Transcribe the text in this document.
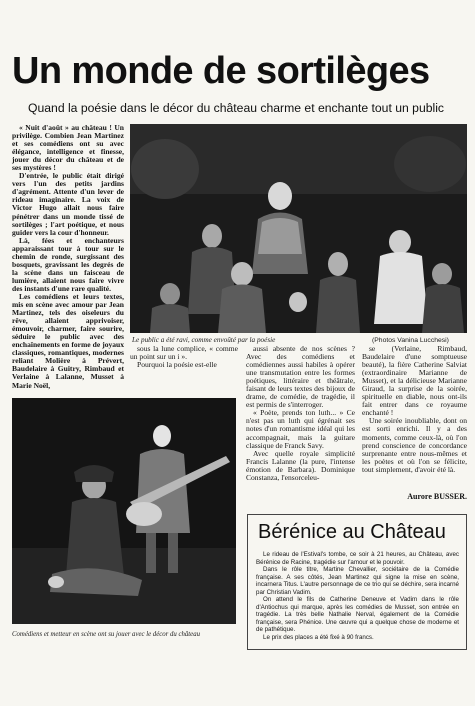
Un monde de sortilèges
Quand la poésie dans le décor du château charme et enchante tout un public

« Nuit d'août » au château ! Un privilège. Combien Jean Martinez et ses comédiens ont su avec élégance, intelligence et finesse, jouer du décor du château et de ses mystères !

D'entrée, le public était dirigé vers l'un des petits jardins d'agrément. Attente d'un lever de rideau imaginaire. La voix de Victor Hugo allait nous faire pénétrer dans un monde tissé de sortilèges ; l'art poétique, et nous guider vers la cour d'honneur.

Là, fées et enchanteurs apparaissant tour à tour sur le chemin de ronde, surgissant des bosquets, gravissant les degrés de la scène dans un faisceau de lumière, allaient nous faire vivre des instants d'une rare qualité.

Les comédiens et leurs textes, mis en scène avec amour par Jean Martinez, tels des oiseleurs du rêve, allaient apprivoiser, émouvoir, charmer, faire sourire, séduire le public avec des enchaînements en forme de joyaux classiques, romantiques, modernes reliant Molière à Prévert, Baudelaire à Guitry, Rimbaud et Verlaine à Lalanne, Musset à Marie Noël,

Le public a été ravi, comme envoûté par la poésie	(Photos Vanina Lucchesi)
Comédiens et metteur en scène ont su jouer avec le décor du château

sous la lune complice, « comme un point sur un i ».

Pourquoi la poésie est-elle

aussi absente de nos scènes ? Avec des comédiens et comédiennes aussi habiles à opérer une transmutation entre les formes poétiques, littéraire et théâtrale, faisant de leurs textes des bijoux de drame, de comédie, de tragédie, il est permis de s'interroger.

« Poète, prends ton luth... » Ce n'est pas un luth qui égrénait ses notes d'un romantisme idéal qui les accompagnait, mais la guitare classique de Franck Savy.

Avec quelle royale simplicité Francis Lalanne (la pure, l'intense émotion de Barbara). Dominique Constanza, l'ensorceleu-

se (Verlaine, Rimbaud, Baudelaire d'une somptueuse beauté), la fière Catherine Salviat (extraordinaire Marianne de Musset), et la délicieuse Marianne Giraud, la surprise de la soirée, spirituelle en diable, nous ont-ils fait entrer dans ce royaume enchanté !

Une soirée inoubliable, dont on est sorti enrichi. Il y a des moments, comme ceux-là, où l'on prend conscience de concordance surprenante entre nous-mêmes et les poètes et où l'on se félicite, tout simplement, d'avoir été là.

Aurore BUSSER.
Bérénice au Château

Le rideau de l'Estival's tombe, ce soir à 21 heures, au Château, avec Bérénice de Racine, tragédie sur l'amour et le pouvoir.

Dans le rôle titre, Martine Chevallier, sociétaire de la Comédie française. A ses côtés, Jean Martinez qui signe la mise en scène, incarnera Titus. L'autre personnage de ce trio qui se déchire, sera incarné par Christian Vadim.

On attend le fils de Catherine Deneuve et Vadim dans le rôle d'Antiochus qui marque, après les comédies de Musset, son entrée en tragédie. La très belle Nathalie Nerval, également de la Comédie française, sera Phénice. Une œuvre qui a quelque chose de moderne et de pathétique.

Le prix des places a été fixé à 90 francs.
